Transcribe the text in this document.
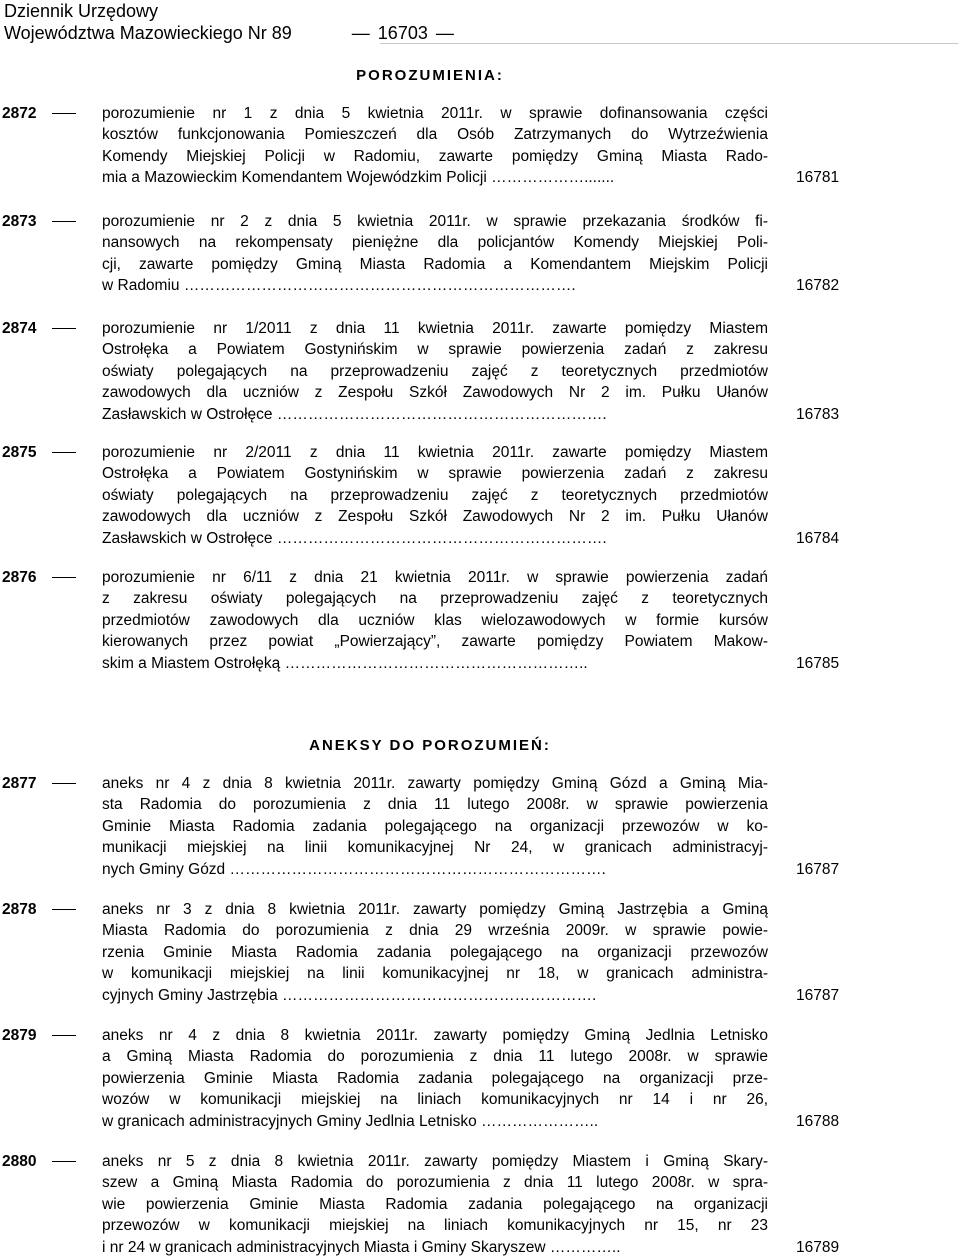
Dziennik Urzędowy
Województwa Mazowieckiego Nr 89	— 16703 —
POROZUMIENIA:
2872	porozumienie nr 1 z dnia 5 kwietnia 2011r. w sprawie dofinansowania części
kosztów funkcjonowania Pomieszczeń dla Osób Zatrzymanych do Wytrzeźwienia
Komendy Miejskiej Policji w Radomiu, zawarte pomiędzy Gminą Miasta Rado-
mia a Mazowieckim Komendantem Wojewódzkim Policji ……………….......	16781
2873	porozumienie nr 2 z dnia 5 kwietnia 2011r. w sprawie przekazania środków fi-
nansowych na rekompensaty pieniężne dla policjantów Komendy Miejskiej Poli-
cji, zawarte pomiędzy Gminą Miasta Radomia a Komendantem Miejskim Policji
w Radomiu ………………………………………………………………….	16782
2874	porozumienie nr 1/2011 z dnia 11 kwietnia 2011r. zawarte pomiędzy Miastem
Ostrołęka a Powiatem Gostynińskim w sprawie powierzenia zadań z zakresu
oświaty polegających na przeprowadzeniu zajęć z teoretycznych przedmiotów
zawodowych dla uczniów z Zespołu Szkół Zawodowych Nr 2 im. Pułku Ułanów
Zasławskich w Ostrołęce ……………………………………………………….	16783
2875	porozumienie nr 2/2011 z dnia 11 kwietnia 2011r. zawarte pomiędzy Miastem
Ostrołęka a Powiatem Gostynińskim w sprawie powierzenia zadań z zakresu
oświaty polegających na przeprowadzeniu zajęć z teoretycznych przedmiotów
zawodowych dla uczniów z Zespołu Szkół Zawodowych Nr 2 im. Pułku Ułanów
Zasławskich w Ostrołęce ……………………………………………………….	16784
2876	porozumienie nr 6/11 z dnia 21 kwietnia 2011r. w sprawie powierzenia zadań
z zakresu oświaty polegających na przeprowadzeniu zajęć z teoretycznych
przedmiotów zawodowych dla uczniów klas wielozawodowych w formie kursów
kierowanych przez powiat „Powierzający”, zawarte pomiędzy Powiatem Makow-
skim a Miastem Ostrołęką …………………………………………………..	16785
ANEKSY DO POROZUMIEŃ:
2877	aneks nr 4 z dnia 8 kwietnia 2011r. zawarty pomiędzy Gminą Gózd a Gminą Mia-
sta Radomia do porozumienia z dnia 11 lutego 2008r. w sprawie powierzenia
Gminie Miasta Radomia zadania polegającego na organizacji przewozów w ko-
munikacji miejskiej na linii komunikacyjnej Nr 24, w granicach administracyj-
nych Gminy Gózd ……………………………………………………………….	16787
2878	aneks nr 3 z dnia 8 kwietnia 2011r. zawarty pomiędzy Gminą Jastrzębia a Gminą
Miasta Radomia do porozumienia z dnia 29 września 2009r. w sprawie powie-
rzenia Gminie Miasta Radomia zadania polegającego na organizacji przewozów
w komunikacji miejskiej na linii komunikacyjnej nr 18, w granicach administra-
cyjnych Gminy Jastrzębia …………………………………………………….	16787
2879	aneks nr 4 z dnia 8 kwietnia 2011r. zawarty pomiędzy Gminą Jedlnia Letnisko
a Gminą Miasta Radomia do porozumienia z dnia 11 lutego 2008r. w sprawie
powierzenia Gminie Miasta Radomia zadania polegającego na organizacji prze-
wozów w komunikacji miejskiej na liniach komunikacyjnych nr 14 i nr 26,
w granicach administracyjnych Gminy Jedlnia Letnisko …………………..	16788
2880	aneks nr 5 z dnia 8 kwietnia 2011r. zawarty pomiędzy Miastem i Gminą Skary-
szew a Gminą Miasta Radomia do porozumienia z dnia 11 lutego 2008r. w spra-
wie powierzenia Gminie Miasta Radomia zadania polegającego na organizacji
przewozów w komunikacji miejskiej na liniach komunikacyjnych nr 15, nr 23
i nr 24 w granicach administracyjnych Miasta i Gminy Skaryszew …………..	16789
